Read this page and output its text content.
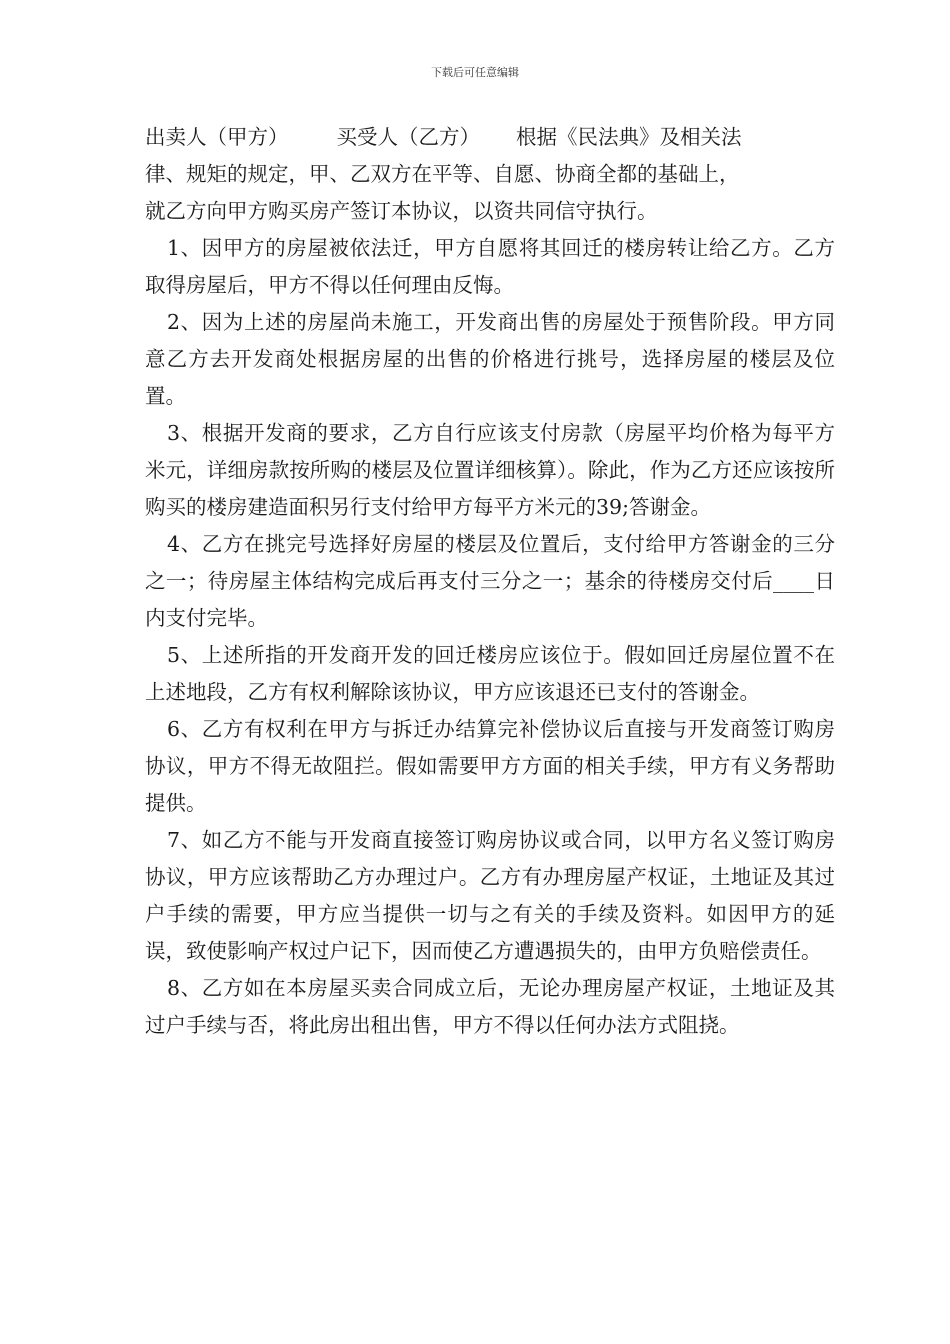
下载后可任意编辑

出卖人（甲方） 买受人（乙方） 根据《民法典》及相关法
律、规矩的规定，甲、乙双方在平等、自愿、协商全都的基础上，
就乙方向甲方购买房产签订本协议，以资共同信守执行。

1、因甲方的房屋被依法迁，甲方自愿将其回迁的楼房转让给乙方。乙方取得房屋后，甲方不得以任何理由反悔。

2、因为上述的房屋尚未施工，开发商出售的房屋处于预售阶段。甲方同意乙方去开发商处根据房屋的出售的价格进行挑号，选择房屋的楼层及位置。

3、根据开发商的要求，乙方自行应该支付房款（房屋平均价格为每平方米元，详细房款按所购的楼层及位置详细核算）。除此，作为乙方还应该按所购买的楼房建造面积另行支付给甲方每平方米元的39;答谢金。

4、乙方在挑完号选择好房屋的楼层及位置后，支付给甲方答谢金的三分之一；待房屋主体结构完成后再支付三分之一；基余的待楼房交付后____日内支付完毕。

5、上述所指的开发商开发的回迁楼房应该位于。假如回迁房屋位置不在上述地段，乙方有权利解除该协议，甲方应该退还已支付的答谢金。

6、乙方有权利在甲方与拆迁办结算完补偿协议后直接与开发商签订购房协议，甲方不得无故阻拦。假如需要甲方方面的相关手续，甲方有义务帮助提供。

7、如乙方不能与开发商直接签订购房协议或合同，以甲方名义签订购房协议，甲方应该帮助乙方办理过户。乙方有办理房屋产权证，土地证及其过户手续的需要，甲方应当提供一切与之有关的手续及资料。如因甲方的延误，致使影响产权过户记下，因而使乙方遭遇损失的，由甲方负赔偿责任。

8、乙方如在本房屋买卖合同成立后，无论办理房屋产权证，土地证及其过户手续与否，将此房出租出售，甲方不得以任何办法方式阻挠。
